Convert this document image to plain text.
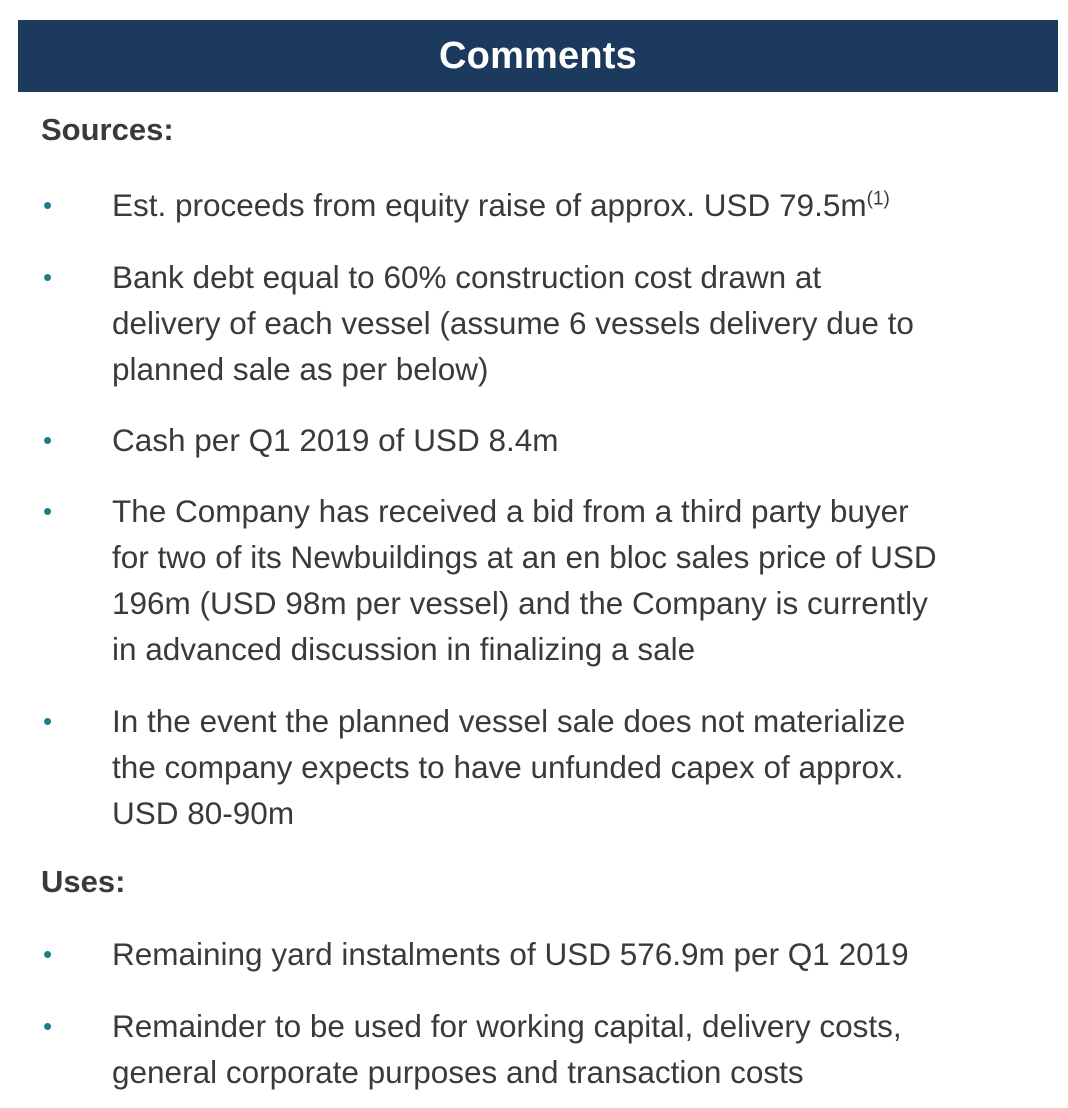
Comments
Sources:
• Est. proceeds from equity raise of approx. USD $79.5m^{(1)}$
• Bank debt equal to 60% construction cost drawn at
delivery of each vessel (assume 6 vessels delivery due to
planned sale as per below)
• Cash per Q1 2019 of USD 8.4m
• The Company has received a bid from a third party buyer
for two of its Newbuildings at an en bloc sales price of USD
196m (USD 98m per vessel) and the Company is currently
in advanced discussion in finalizing a sale
• In the event the planned vessel sale does not materialize
the company expects to have unfunded capex of approx.
USD 80-90m
Uses:
• Remaining yard instalments of USD 576.9m per Q1 2019
• Remainder to be used for working capital, delivery costs,
general corporate purposes and transaction costs
